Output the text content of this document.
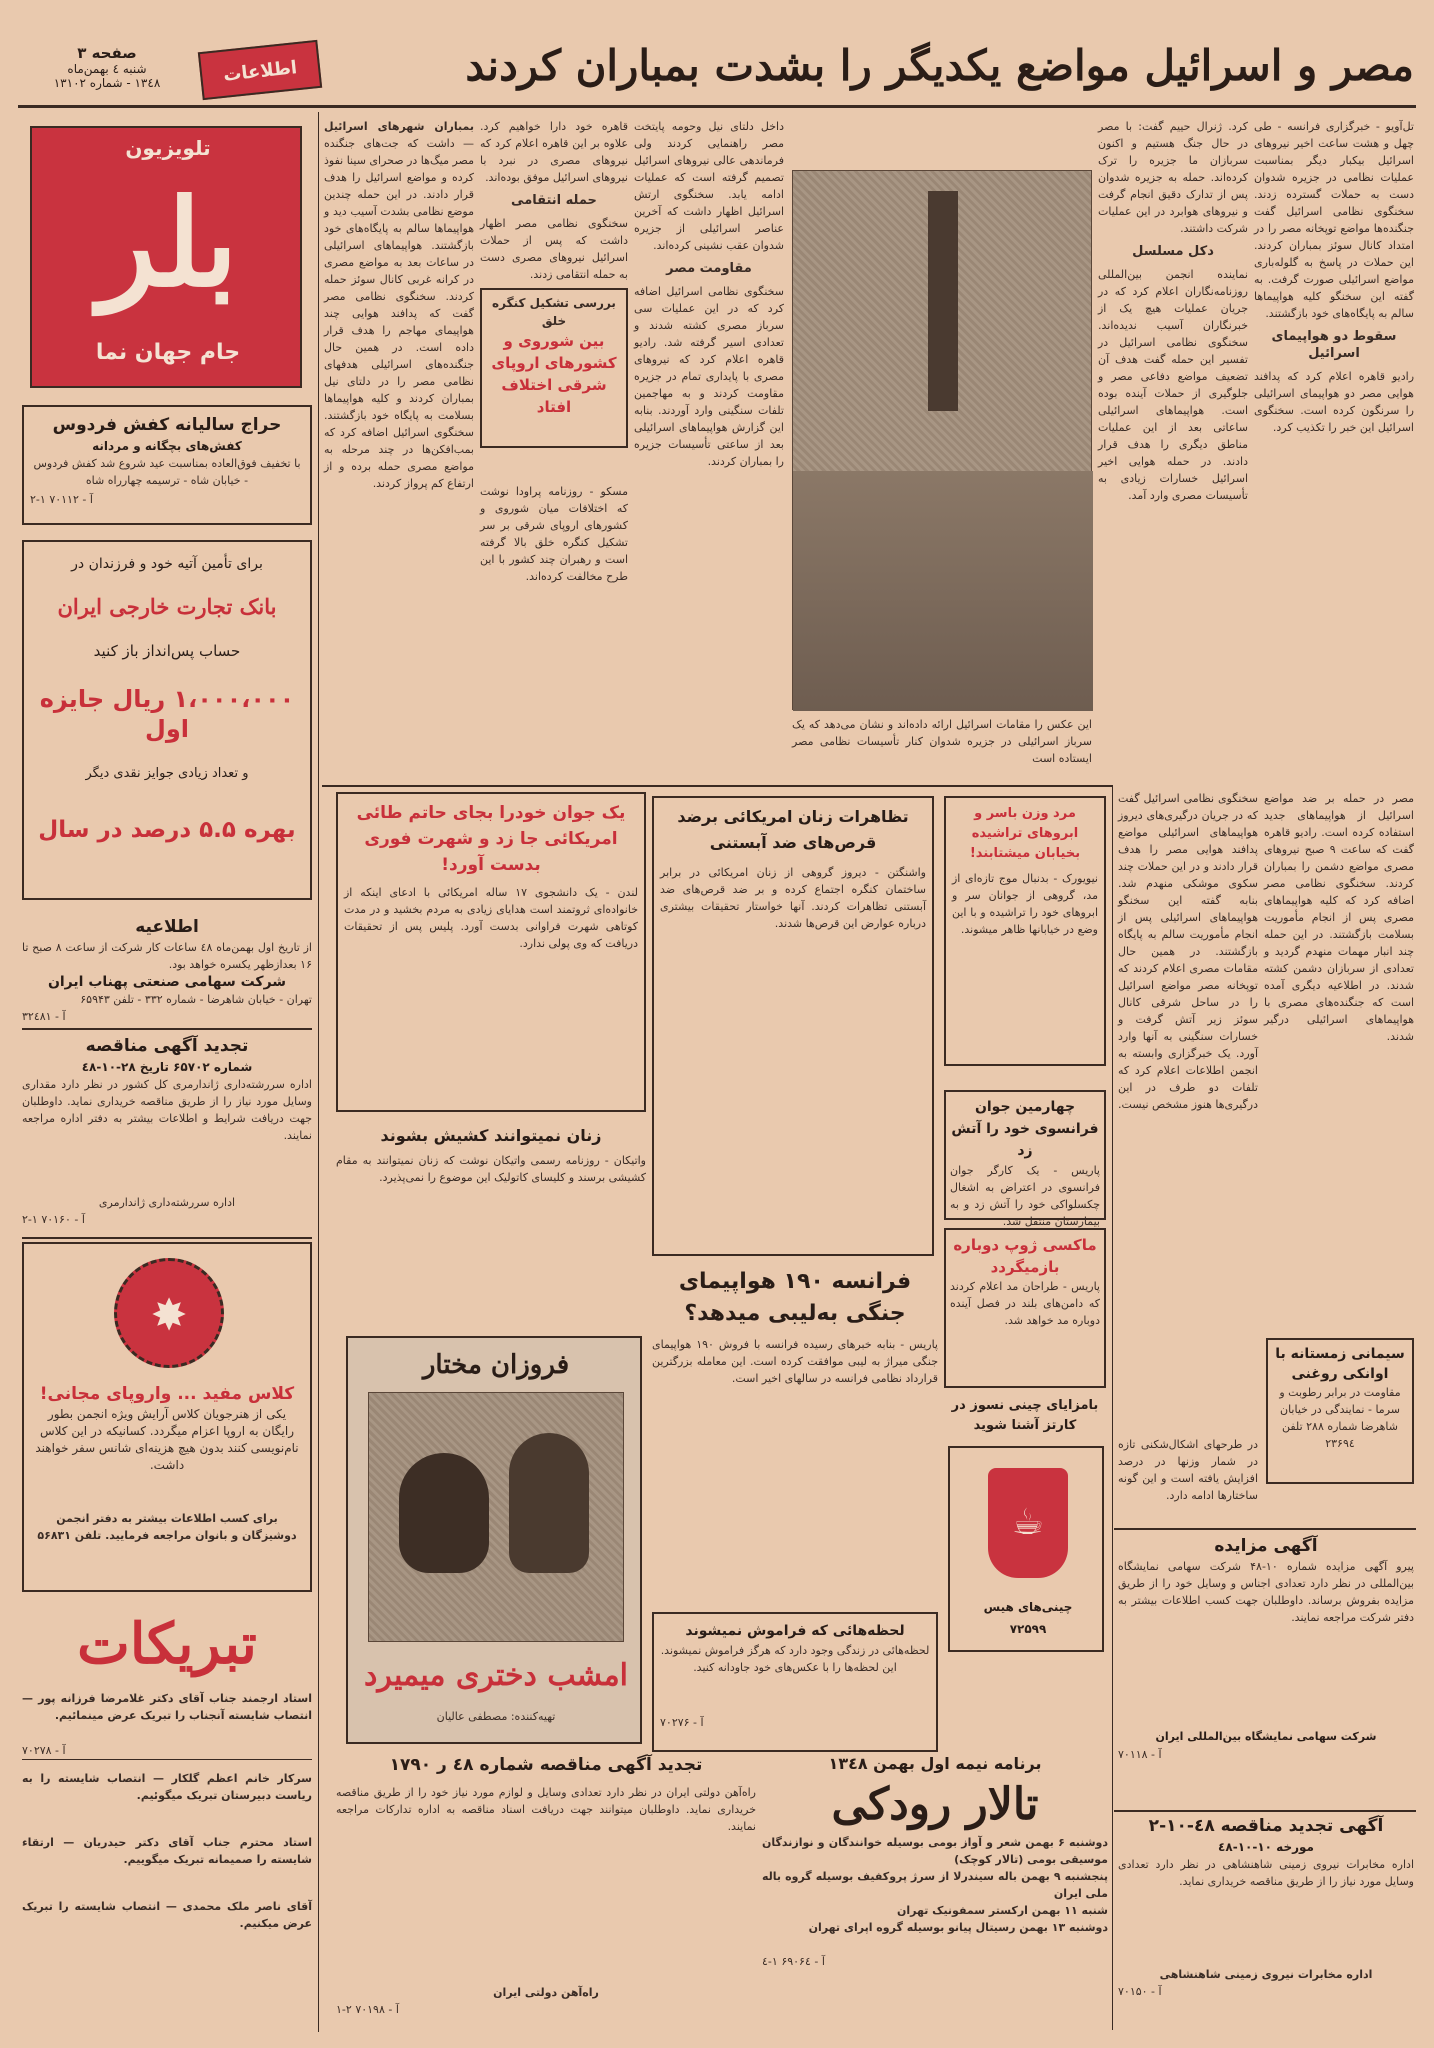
مصر و اسرائیل مواضع یکدیگر را بشدت بمباران کردند
اطلاعات
صفحه ۳
شنبه ٤ بهمن‌ماه
۱۳٤۸ - شماره ۱۳۱۰۲
تلویزیون
بلر
جام جهان نما
حراج سالیانه کفش فردوس
کفش‌های بچگانه و مردانه
با تخفیف فوق‌العاده بمناسبت عید شروع شد کفش فردوس - خیابان شاه - ترسیمه چهارراه شاه
آ - ۷۰۱۱۲ ۱-۲
برای تأمین آتیه خود و فرزندان در
بانک تجارت خارجی ایران
حساب پس‌انداز باز کنید
۱،۰۰۰،۰۰۰ ریال جایزه اول
و تعداد زیادی جوایز نقدی دیگر
بهره ۵.۵ درصد در سال
اطلاعیه
از تاریخ اول بهمن‌ماه ٤۸ ساعات کار شرکت از ساعت ۸ صبح تا ۱۶ بعدازظهر یکسره خواهد بود.
شرکت سهامی صنعتی پهناب ایران
تهران - خیابان شاهرضا - شماره ۳۳۲ - تلفن ۶۵۹۴۳
آ - ۳۲٤۸۱
تجدید آگهی مناقصه
شماره ۶۵۷۰۲ تاریخ ۲۸-۱۰-٤۸
اداره سررشته‌داری ژاندارمری کل کشور در نظر دارد مقداری وسایل مورد نیاز را از طریق مناقصه خریداری نماید. داوطلبان جهت دریافت شرایط و اطلاعات بیشتر به دفتر اداره مراجعه نمایند.
اداره سررشته‌داری ژاندارمری
آ - ۷۰۱۶۰ ۱-۲
✸
کلاس مفید ... واروپای مجانی!
یکی از هنرجویان کلاس آرایش ویژه انجمن بطور رایگان به اروپا اعزام میگردد. کسانیکه در این کلاس نام‌نویسی کنند بدون هیچ هزینه‌ای شانس سفر خواهند داشت.
برای کسب اطلاعات بیشتر به دفتر انجمن دوشیزگان و بانوان مراجعه فرمایید. تلفن ۵۶۸۳۱
تبریکات
استاد ارجمند جناب آقای دکتر غلامرضا فرزانه پور — انتصاب شایسته آنجناب را تبریک عرض مینمائیم.
آ - ۷۰۲۷۸
سرکار خانم اعظم گلکار — انتصاب شایسته را به ریاست دبیرستان تبریک میگوئیم.
استاد محترم جناب آقای دکتر حیدریان — ارتقاء شایسته را صمیمانه تبریک میگوییم.
آقای ناصر ملک محمدی — انتصاب شایسته را تبریک عرض میکنیم.
بمباران شهرهای اسرائیل — داشت که جت‌های جنگنده مصر میگ‌ها در صحرای سینا نفوذ کرده و مواضع اسرائیل را هدف قرار دادند. در این حمله چندین موضع نظامی بشدت آسیب دید و هواپیماها سالم به پایگاه‌های خود بازگشتند. هواپیماهای اسرائیلی در ساعات بعد به مواضع مصری در کرانه غربی کانال سوئز حمله کردند. سخنگوی نظامی مصر گفت که پدافند هوایی چند هواپیمای مهاجم را هدف قرار داده است. در همین حال جنگنده‌های اسرائیلی هدفهای نظامی مصر را در دلتای نیل بمباران کردند و کلیه هواپیماها بسلامت به پایگاه خود بازگشتند. سخنگوی اسرائیل اضافه کرد که بمب‌افکن‌ها در چند مرحله به مواضع مصری حمله برده و از ارتفاع کم پرواز کردند.
قاهره خود دارا خواهیم کرد. علاوه بر این قاهره اعلام کرد که نیروهای مصری در نبرد با نیروهای اسرائیل موفق بوده‌اند.
حمله انتقامی
سخنگوی نظامی مصر اظهار داشت که پس از حملات اسرائیل نیروهای مصری دست به حمله انتقامی زدند.
بررسی تشکیل کنگره خلق
بین شوروی و کشورهای اروپای شرقی اختلاف افتاد
مسکو - روزنامه پراودا نوشت که اختلافات میان شوروی و کشورهای اروپای شرقی بر سر تشکیل کنگره خلق بالا گرفته است و رهبران چند کشور با این طرح مخالفت کرده‌اند.
داخل دلتای نیل وحومه پایتخت مصر راهنمایی کردند ولی فرماندهی عالی نیروهای اسرائیل تصمیم گرفته است که عملیات ادامه یابد. سخنگوی ارتش اسرائیل اظهار داشت که آخرین عناصر اسرائیلی از جزیره شدوان عقب نشینی کرده‌اند.
مقاومت مصر
سخنگوی نظامی اسرائیل اضافه کرد که در این عملیات سی سرباز مصری کشته شدند و تعدادی اسیر گرفته شد. رادیو قاهره اعلام کرد که نیروهای مصری با پایداری تمام در جزیره مقاومت کردند و به مهاجمین تلفات سنگینی وارد آوردند. بنابه این گزارش هواپیماهای اسرائیلی بعد از ساعتی تأسیسات جزیره را بمباران کردند.
این عکس را مقامات اسرائیل ارائه داده‌اند و نشان می‌دهد که یک سرباز اسرائیلی در جزیره شدوان کنار تأسیسات نظامی مصر ایستاده است
کرد. ژنرال حییم گفت: با مصر در حال جنگ هستیم و اکنون سربازان ما جزیره را ترک کرده‌اند. حمله به جزیره شدوان پس از تدارک دقیق انجام گرفت و نیروهای هوابرد در این عملیات شرکت داشتند.
دکل مسلسل
نماینده انجمن بین‌المللی روزنامه‌نگاران اعلام کرد که در جریان عملیات هیچ یک از خبرنگاران آسیب ندیده‌اند. سخنگوی نظامی اسرائیل در تفسیر این حمله گفت هدف آن تضعیف مواضع دفاعی مصر و جلوگیری از حملات آینده بوده است. هواپیماهای اسرائیلی ساعاتی بعد از این عملیات مناطق دیگری را هدف قرار دادند. در حمله هوایی اخیر اسرائیل خسارات زیادی به تأسیسات مصری وارد آمد.
تل‌آویو - خبرگزاری فرانسه - طی چهل و هشت ساعت اخیر نیروهای اسرائیل بیکبار دیگر بمناسبت عملیات نظامی در جزیره شدوان دست به حملات گسترده زدند. سخنگوی نظامی اسرائیل گفت جنگنده‌ها مواضع توپخانه مصر را در امتداد کانال سوئز بمباران کردند. این حملات در پاسخ به گلوله‌باری مواضع اسرائیلی صورت گرفت. به گفته این سخنگو کلیه هواپیماها سالم به پایگاه‌های خود بازگشتند.
سقوط دو هواپیمای اسرائیل
رادیو قاهره اعلام کرد که پدافند هوایی مصر دو هواپیمای اسرائیلی را سرنگون کرده است. سخنگوی اسرائیل این خبر را تکذیب کرد.
سخنگوی نظامی اسرائیل گفت که در جریان درگیری‌های دیروز هواپیماهای اسرائیلی مواضع پدافند هوایی مصر را هدف قرار دادند و در این حملات چند سکوی موشکی منهدم شد. بنابه گفته این سخنگو هواپیماهای اسرائیلی پس از انجام مأموریت سالم به پایگاه بازگشتند. در همین حال مقامات مصری اعلام کردند که توپخانه مصر مواضع اسرائیل را در ساحل شرقی کانال سوئز زیر آتش گرفت و خسارات سنگینی به آنها وارد آورد. یک خبرگزاری وابسته به انجمن اطلاعات اعلام کرد که تلفات دو طرف در این درگیری‌ها هنوز مشخص نیست.
مصر در حمله بر ضد مواضع اسرائیل از هواپیماهای جدید استفاده کرده است. رادیو قاهره گفت که ساعت ۹ صبح نیروهای مصری مواضع دشمن را بمباران کردند. سخنگوی نظامی مصر اضافه کرد که کلیه هواپیماهای مصری پس از انجام مأموریت بسلامت بازگشتند. در این حمله چند انبار مهمات منهدم گردید و تعدادی از سربازان دشمن کشته شدند. در اطلاعیه دیگری آمده است که جنگنده‌های مصری با هواپیماهای اسرائیلی درگیر شدند.
سیمانی زمستانه با اوانکی روغنی
مقاومت در برابر رطوبت و سرما - نمایندگی در خیابان شاهرضا شماره ۲۸۸ تلفن ۲۳۶۹٤
در طرحهای اشکال‌شکنی تازه در شمار وزنها در درصد افزایش یافته است و این گونه ساختارها ادامه دارد.
آگهی مزایده
پیرو آگهی مزایده شماره ۱۰-۴۸ شرکت سهامی نمایشگاه بین‌المللی در نظر دارد تعدادی اجناس و وسایل خود را از طریق مزایده بفروش برساند. داوطلبان جهت کسب اطلاعات بیشتر به دفتر شرکت مراجعه نمایند.
شرکت سهامی نمایشگاه بین‌المللی ایران
آ - ۷۰۱۱۸
آگهی تجدید مناقصه ٤۸-۱۰-۲
مورخه ۱۰-۱۰-٤۸
اداره مخابرات نیروی زمینی شاهنشاهی در نظر دارد تعدادی وسایل مورد نیاز را از طریق مناقصه خریداری نماید.
اداره مخابرات نیروی زمینی شاهنشاهی
آ - ۷۰۱۵۰
یک جوان خودرا بجای حاتم طائی امریکائی جا زد و شهرت فوری بدست آورد!
لندن - یک دانشجوی ۱۷ ساله امریکائی با ادعای اینکه از خانواده‌ای ثروتمند است هدایای زیادی به مردم بخشید و در مدت کوتاهی شهرت فراوانی بدست آورد. پلیس پس از تحقیقات دریافت که وی پولی ندارد.
تظاهرات زنان امریکائی برضد قرص‌های ضد آبستنی
واشنگتن - دیروز گروهی از زنان امریکائی در برابر ساختمان کنگره اجتماع کرده و بر ضد قرص‌های ضد آبستنی تظاهرات کردند. آنها خواستار تحقیقات بیشتری درباره عوارض این قرص‌ها شدند.
مرد وزن باسر و ابروهای تراشیده بخیابان میشتابند!
نیویورک - بدنبال موج تازه‌ای از مد، گروهی از جوانان سر و ابروهای خود را تراشیده و با این وضع در خیابانها ظاهر میشوند.
زنان نمیتوانند کشیش بشوند
واتیکان - روزنامه رسمی واتیکان نوشت که زنان نمیتوانند به مقام کشیشی برسند و کلیسای کاتولیک این موضوع را نمی‌پذیرد.
چهارمین جوان فرانسوی خود را آتش زد
پاریس - یک کارگر جوان فرانسوی در اعتراض به اشغال چکسلواکی خود را آتش زد و به بیمارستان منتقل شد.
ماکسی ژوپ دوباره بازمیگردد
پاریس - طراحان مد اعلام کردند که دامن‌های بلند در فصل آینده دوباره مد خواهد شد.
فروزان مختار
امشب دختری میمیرد
تهیه‌کننده: مصطفی عالیان
فرانسه ۱۹۰ هواپیمای
جنگی به‌لیبی میدهد؟
پاریس - بنابه خبرهای رسیده فرانسه با فروش ۱۹۰ هواپیمای جنگی میراژ به لیبی موافقت کرده است. این معامله بزرگترین قرارداد نظامی فرانسه در سالهای اخیر است.
بامزایای چینی نسوز در کارتز آشنا شوید
☕
چینی‌های هیس
۷۲۵۹۹
لحظه‌هائی که فراموش نمیشوند
لحظه‌هائی در زندگی وجود دارد که هرگز فراموش نمیشوند. این لحظه‌ها را با عکس‌های خود جاودانه کنید.
آ - ۷۰۲۷۶
تجدید آگهی مناقصه شماره ٤۸ ر ۱۷۹۰
راه‌آهن دولتی ایران در نظر دارد تعدادی وسایل و لوازم مورد نیاز خود را از طریق مناقصه خریداری نماید. داوطلبان میتوانند جهت دریافت اسناد مناقصه به اداره تدارکات مراجعه نمایند.
راه‌آهن دولتی ایران
آ - ۷۰۱۹۸ ۲-۱
برنامه نیمه اول بهمن ۱۳٤۸
تالار رودکی
دوشنبه ۶ بهمن شعر و آواز بومی بوسیله خوانندگان و نوازندگان موسیقی بومی (تالار کوچک)
پنجشنبه ۹ بهمن باله سیندرلا از سرژ پروکفیف بوسیله گروه باله ملی ایران
شنبه ۱۱ بهمن ارکستر سمفونیک تهران
دوشنبه ۱۳ بهمن رسیتال پیانو بوسیله گروه اپرای تهران
آ - ۶۹۰۶٤ ۱-٤
